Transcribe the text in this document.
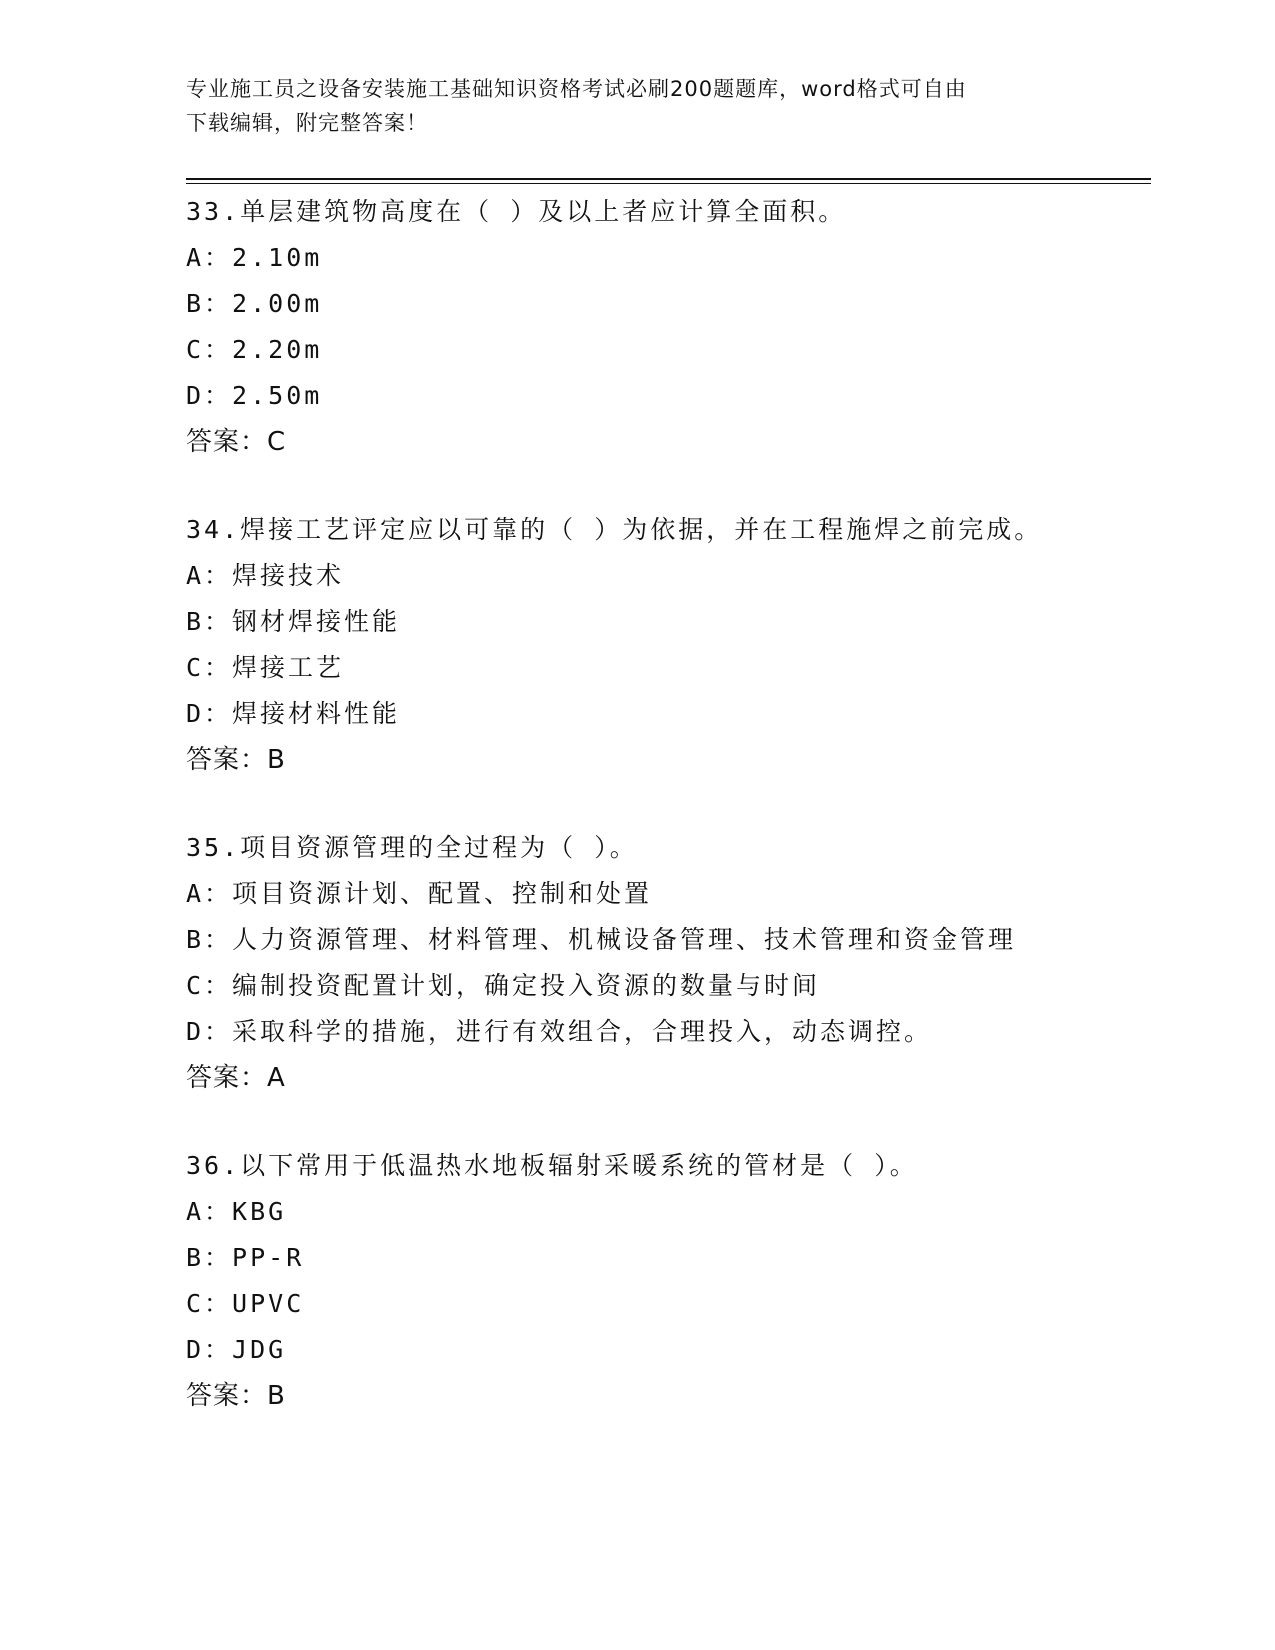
专业施工员之设备安装施工基础知识资格考试必刷200题题库，word格式可自由
下载编辑，附完整答案！
33.单层建筑物高度在（ ）及以上者应计算全面积。
A：2.10m
B：2.00m
C：2.20m
D：2.50m
答案：C
34.焊接工艺评定应以可靠的（ ）为依据，并在工程施焊之前完成。
A：焊接技术
B：钢材焊接性能
C：焊接工艺
D：焊接材料性能
答案：B
35.项目资源管理的全过程为（ ）。
A：项目资源计划、配置、控制和处置
B：人力资源管理、材料管理、机械设备管理、技术管理和资金管理
C：编制投资配置计划，确定投入资源的数量与时间
D：采取科学的措施，进行有效组合，合理投入，动态调控。
答案：A
36.以下常用于低温热水地板辐射采暖系统的管材是（ ）。
A：KBG
B：PP-R
C：UPVC
D：JDG
答案：B
